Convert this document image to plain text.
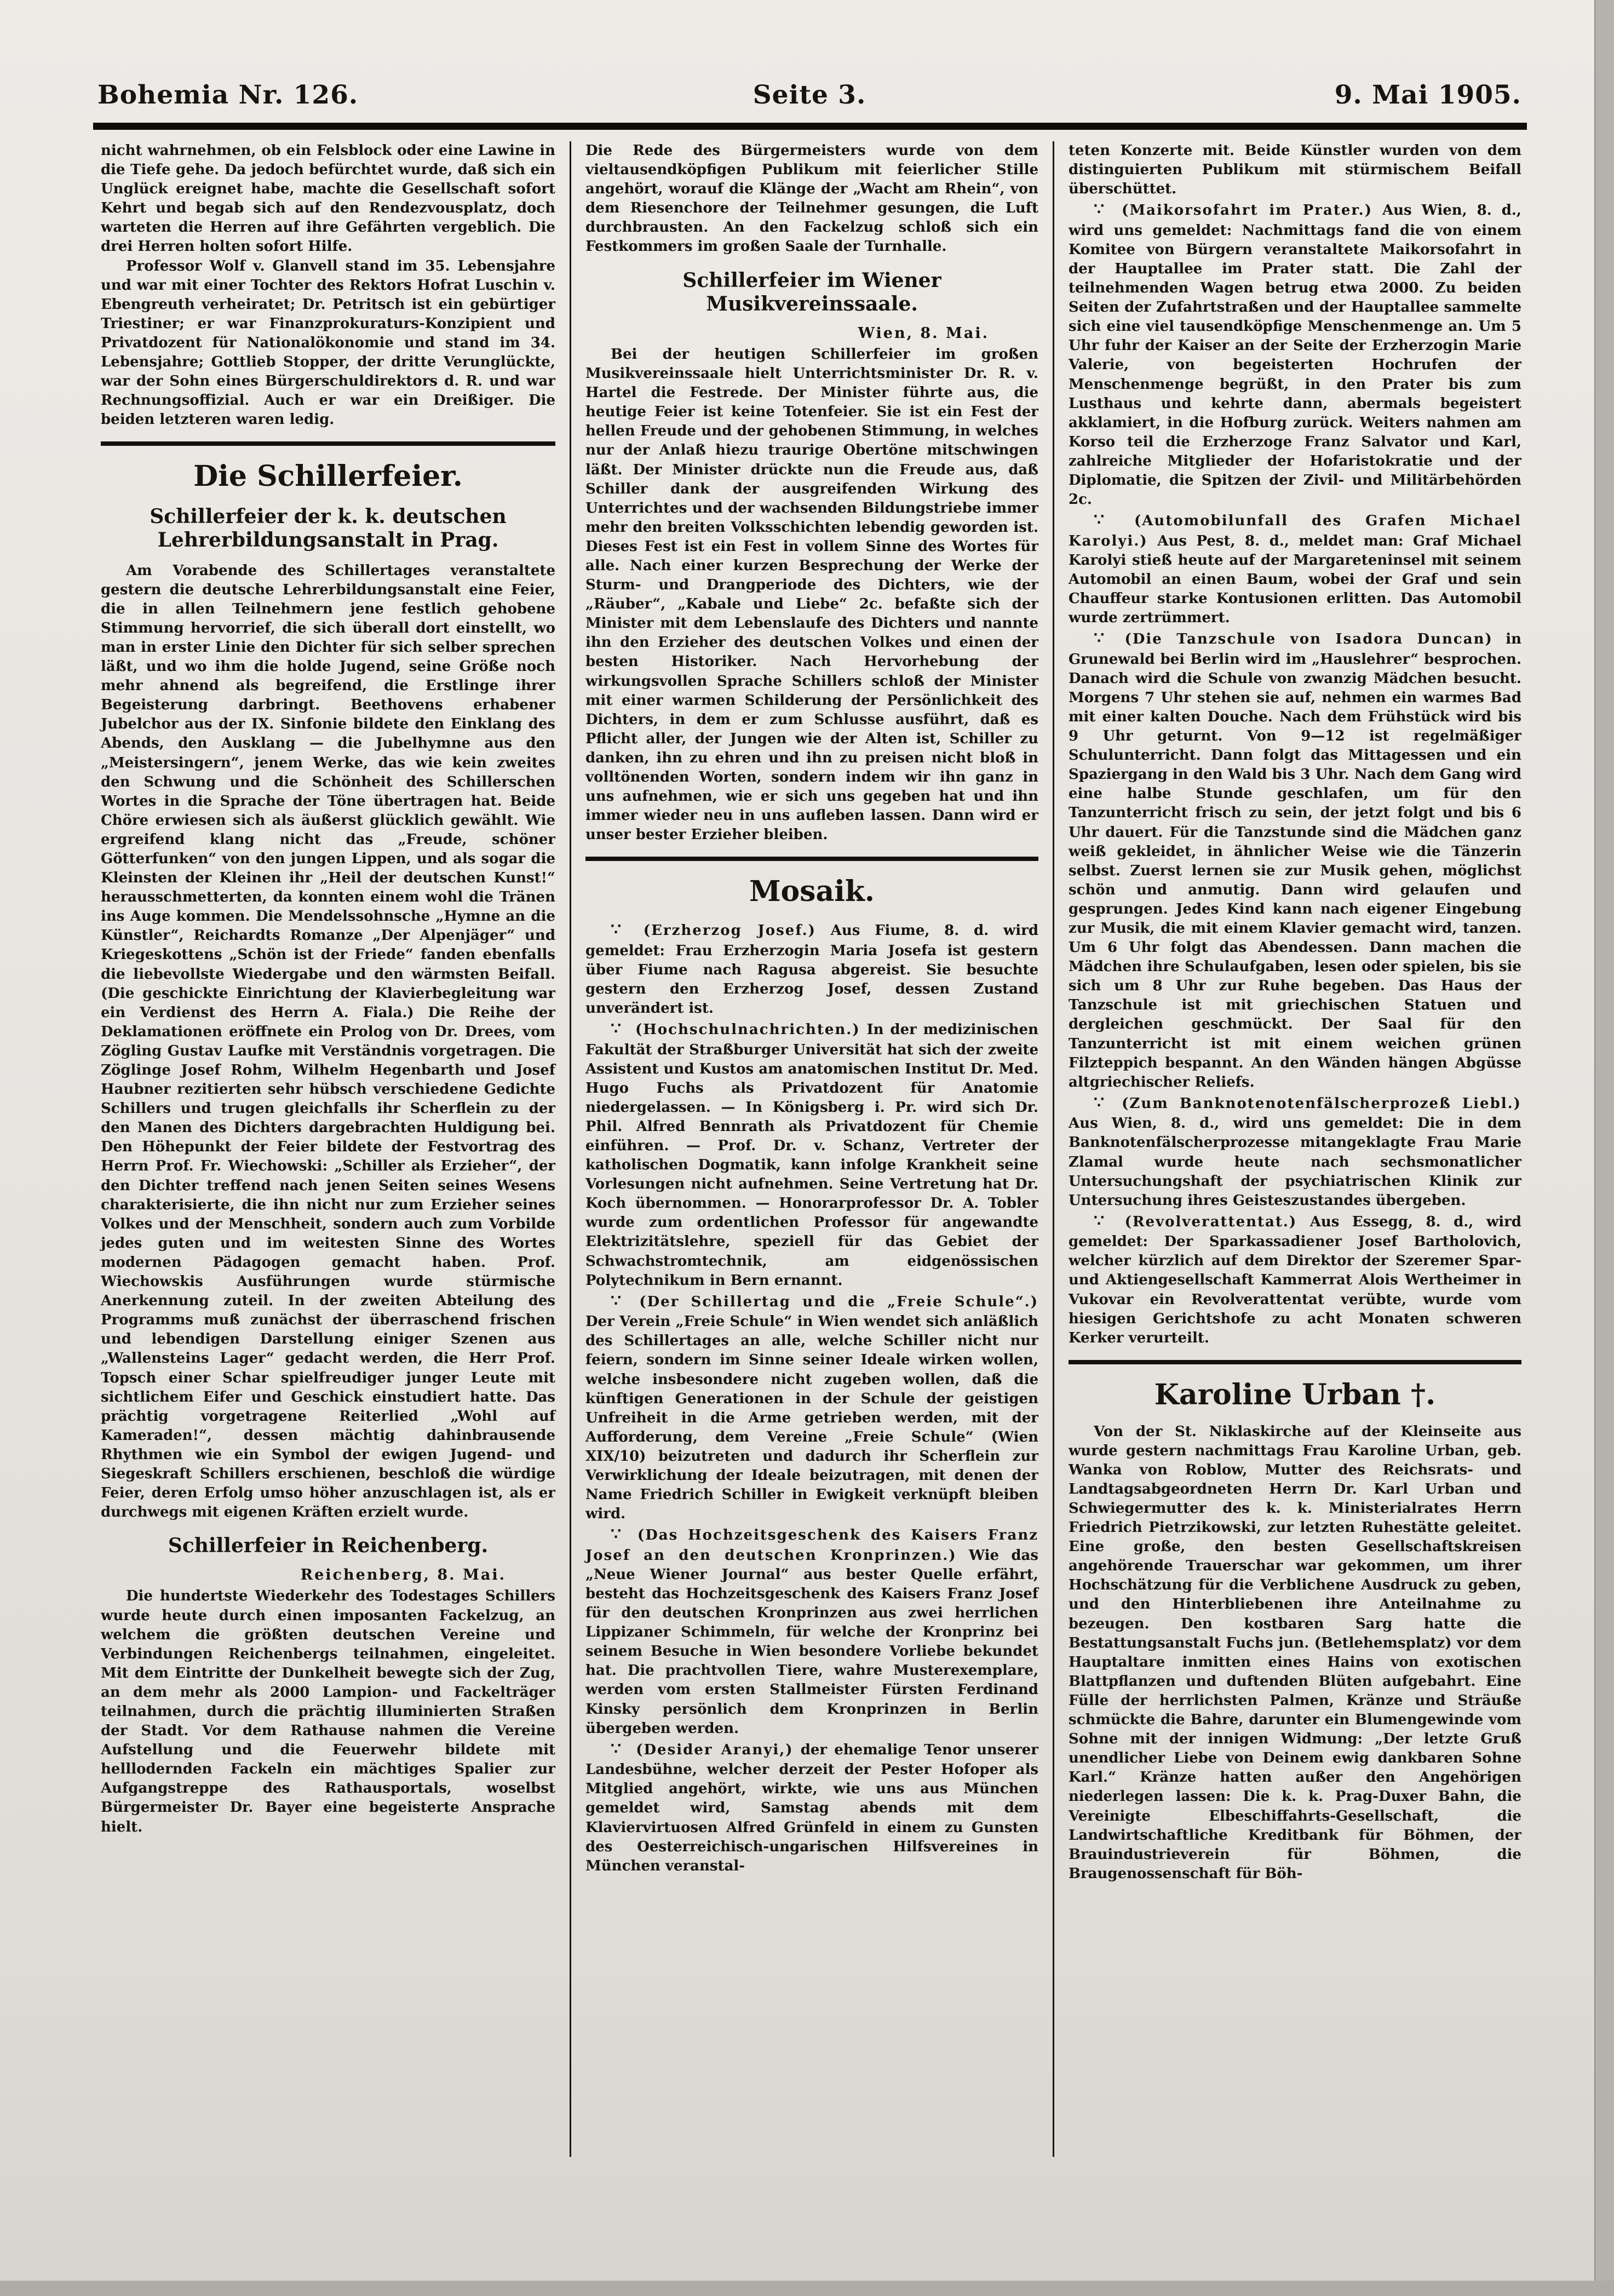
Bohemia Nr. 126.	Seite 3.	9. Mai 1905.

nicht wahrnehmen, ob ein Felsblock oder eine Lawine in die Tiefe gehe. Da jedoch befürchtet wurde, daß sich ein Unglück ereignet habe, machte die Gesellschaft sofort Kehrt und begab sich auf den Rendezvousplatz, doch warteten die Herren auf ihre Gefährten vergeblich. Die drei Herren holten sofort Hilfe.

Professor Wolf v. Glanvell stand im 35. Lebensjahre und war mit einer Tochter des Rektors Hofrat Luschin v. Ebengreuth verheiratet; Dr. Petritsch ist ein gebürtiger Triestiner; er war Finanzprokuraturs-Konzipient und Privatdozent für Nationalökonomie und stand im 34. Lebensjahre; Gottlieb Stopper, der dritte Verunglückte, war der Sohn eines Bürgerschuldirektors d. R. und war Rechnungsoffizial. Auch er war ein Dreißiger. Die beiden letzteren waren ledig.

Die Schillerfeier.
Schillerfeier der k. k. deutschen Lehrerbildungsanstalt in Prag.

Am Vorabende des Schillertages veranstaltete gestern die deutsche Lehrerbildungsanstalt eine Feier, die in allen Teilnehmern jene festlich gehobene Stimmung hervorrief, die sich überall dort einstellt, wo man in erster Linie den Dichter für sich selber sprechen läßt, und wo ihm die holde Jugend, seine Größe noch mehr ahnend als begreifend, die Erstlinge ihrer Begeisterung darbringt. Beethovens erhabener Jubelchor aus der IX. Sinfonie bildete den Einklang des Abends, den Ausklang — die Jubelhymne aus den „Meistersingern“, jenem Werke, das wie kein zweites den Schwung und die Schönheit des Schillerschen Wortes in die Sprache der Töne übertragen hat. Beide Chöre erwiesen sich als äußerst glücklich gewählt. Wie ergreifend klang nicht das „Freude, schöner Götterfunken“ von den jungen Lippen, und als sogar die Kleinsten der Kleinen ihr „Heil der deutschen Kunst!“ herausschmetterten, da konnten einem wohl die Tränen ins Auge kommen. Die Mendelssohnsche „Hymne an die Künstler“, Reichardts Romanze „Der Alpenjäger“ und Kriegeskottens „Schön ist der Friede“ fanden ebenfalls die liebevollste Wiedergabe und den wärmsten Beifall. (Die geschickte Einrichtung der Klavierbegleitung war ein Verdienst des Herrn A. Fiala.) Die Reihe der Deklamationen eröffnete ein Prolog von Dr. Drees, vom Zögling Gustav Laufke mit Verständnis vorgetragen. Die Zöglinge Josef Rohm, Wilhelm Hegenbarth und Josef Haubner rezitierten sehr hübsch verschiedene Gedichte Schillers und trugen gleichfalls ihr Scherflein zu der den Manen des Dichters dargebrachten Huldigung bei. Den Höhepunkt der Feier bildete der Festvortrag des Herrn Prof. Fr. Wiechowski: „Schiller als Erzieher“, der den Dichter treffend nach jenen Seiten seines Wesens charakterisierte, die ihn nicht nur zum Erzieher seines Volkes und der Menschheit, sondern auch zum Vorbilde jedes guten und im weitesten Sinne des Wortes modernen Pädagogen gemacht haben. Prof. Wiechowskis Ausführungen wurde stürmische Anerkennung zuteil. In der zweiten Abteilung des Programms muß zunächst der überraschend frischen und lebendigen Darstellung einiger Szenen aus „Wallensteins Lager“ gedacht werden, die Herr Prof. Topsch einer Schar spielfreudiger junger Leute mit sichtlichem Eifer und Geschick einstudiert hatte. Das prächtig vorgetragene Reiterlied „Wohl auf Kameraden!“, dessen mächtig dahinbrausende Rhythmen wie ein Symbol der ewigen Jugend- und Siegeskraft Schillers erschienen, beschloß die würdige Feier, deren Erfolg umso höher anzuschlagen ist, als er durchwegs mit eigenen Kräften erzielt wurde.

Schillerfeier in Reichenberg.
Reichenberg, 8. Mai.

Die hundertste Wiederkehr des Todestages Schillers wurde heute durch einen imposanten Fackelzug, an welchem die größten deutschen Vereine und Verbindungen Reichenbergs teilnahmen, eingeleitet. Mit dem Eintritte der Dunkelheit bewegte sich der Zug, an dem mehr als 2000 Lampion- und Fackelträger teilnahmen, durch die prächtig illuminierten Straßen der Stadt. Vor dem Rathause nahmen die Vereine Aufstellung und die Feuerwehr bildete mit helllodernden Fackeln ein mächtiges Spalier zur Aufgangstreppe des Rathausportals, woselbst Bürgermeister Dr. Bayer eine begeisterte Ansprache hielt.

Die Rede des Bürgermeisters wurde von dem vieltausendköpfigen Publikum mit feierlicher Stille angehört, worauf die Klänge der „Wacht am Rhein“, von dem Riesenchore der Teilnehmer gesungen, die Luft durchbrausten. An den Fackelzug schloß sich ein Festkommers im großen Saale der Turnhalle.

Schillerfeier im Wiener Musikvereinssaale.
Wien, 8. Mai.

Bei der heutigen Schillerfeier im großen Musikvereinssaale hielt Unterrichtsminister Dr. R. v. Hartel die Festrede. Der Minister führte aus, die heutige Feier ist keine Totenfeier. Sie ist ein Fest der hellen Freude und der gehobenen Stimmung, in welches nur der Anlaß hiezu traurige Obertöne mitschwingen läßt. Der Minister drückte nun die Freude aus, daß Schiller dank der ausgreifenden Wirkung des Unterrichtes und der wachsenden Bildungstriebe immer mehr den breiten Volksschichten lebendig geworden ist. Dieses Fest ist ein Fest in vollem Sinne des Wortes für alle. Nach einer kurzen Besprechung der Werke der Sturm- und Drangperiode des Dichters, wie der „Räuber“, „Kabale und Liebe“ 2c. befaßte sich der Minister mit dem Lebenslaufe des Dichters und nannte ihn den Erzieher des deutschen Volkes und einen der besten Historiker. Nach Hervorhebung der wirkungsvollen Sprache Schillers schloß der Minister mit einer warmen Schilderung der Persönlichkeit des Dichters, in dem er zum Schlusse ausführt, daß es Pflicht aller, der Jungen wie der Alten ist, Schiller zu danken, ihn zu ehren und ihn zu preisen nicht bloß in volltönenden Worten, sondern indem wir ihn ganz in uns aufnehmen, wie er sich uns gegeben hat und ihn immer wieder neu in uns aufleben lassen. Dann wird er unser bester Erzieher bleiben.

Mosaik.

∵ (Erzherzog Josef.) Aus Fiume, 8. d. wird gemeldet: Frau Erzherzogin Maria Josefa ist gestern über Fiume nach Ragusa abgereist. Sie besuchte gestern den Erzherzog Josef, dessen Zustand unverändert ist.

∵ (Hochschulnachrichten.) In der medizinischen Fakultät der Straßburger Universität hat sich der zweite Assistent und Kustos am anatomischen Institut Dr. Med. Hugo Fuchs als Privatdozent für Anatomie niedergelassen. — In Königsberg i. Pr. wird sich Dr. Phil. Alfred Bennrath als Privatdozent für Chemie einführen. — Prof. Dr. v. Schanz, Vertreter der katholischen Dogmatik, kann infolge Krankheit seine Vorlesungen nicht aufnehmen. Seine Vertretung hat Dr. Koch übernommen. — Honorarprofessor Dr. A. Tobler wurde zum ordentlichen Professor für angewandte Elektrizitätslehre, speziell für das Gebiet der Schwachstromtechnik, am eidgenössischen Polytechnikum in Bern ernannt.

∵ (Der Schillertag und die „Freie Schule“.) Der Verein „Freie Schule“ in Wien wendet sich anläßlich des Schillertages an alle, welche Schiller nicht nur feiern, sondern im Sinne seiner Ideale wirken wollen, welche insbesondere nicht zugeben wollen, daß die künftigen Generationen in der Schule der geistigen Unfreiheit in die Arme getrieben werden, mit der Aufforderung, dem Vereine „Freie Schule“ (Wien XIX/10) beizutreten und dadurch ihr Scherflein zur Verwirklichung der Ideale beizutragen, mit denen der Name Friedrich Schiller in Ewigkeit verknüpft bleiben wird.

∵ (Das Hochzeitsgeschenk des Kaisers Franz Josef an den deutschen Kronprinzen.) Wie das „Neue Wiener Journal“ aus bester Quelle erfährt, besteht das Hochzeitsgeschenk des Kaisers Franz Josef für den deutschen Kronprinzen aus zwei herrlichen Lippizaner Schimmeln, für welche der Kronprinz bei seinem Besuche in Wien besondere Vorliebe bekundet hat. Die prachtvollen Tiere, wahre Musterexemplare, werden vom ersten Stallmeister Fürsten Ferdinand Kinsky persönlich dem Kronprinzen in Berlin übergeben werden.

∵ (Desider Aranyi,) der ehemalige Tenor unserer Landesbühne, welcher derzeit der Pester Hofoper als Mitglied angehört, wirkte, wie uns aus München gemeldet wird, Samstag abends mit dem Klaviervirtuosen Alfred Grünfeld in einem zu Gunsten des Oesterreichisch-ungarischen Hilfsvereines in München veranstal-

teten Konzerte mit. Beide Künstler wurden von dem distinguierten Publikum mit stürmischem Beifall überschüttet.

∵ (Maikorsofahrt im Prater.) Aus Wien, 8. d., wird uns gemeldet: Nachmittags fand die von einem Komitee von Bürgern veranstaltete Maikorsofahrt in der Hauptallee im Prater statt. Die Zahl der teilnehmenden Wagen betrug etwa 2000. Zu beiden Seiten der Zufahrtstraßen und der Hauptallee sammelte sich eine viel tausendköpfige Menschenmenge an. Um 5 Uhr fuhr der Kaiser an der Seite der Erzherzogin Marie Valerie, von begeisterten Hochrufen der Menschenmenge begrüßt, in den Prater bis zum Lusthaus und kehrte dann, abermals begeistert akklamiert, in die Hofburg zurück. Weiters nahmen am Korso teil die Erzherzoge Franz Salvator und Karl, zahlreiche Mitglieder der Hofaristokratie und der Diplomatie, die Spitzen der Zivil- und Militärbehörden 2c.

∵ (Automobilunfall des Grafen Michael Karolyi.) Aus Pest, 8. d., meldet man: Graf Michael Karolyi stieß heute auf der Margareteninsel mit seinem Automobil an einen Baum, wobei der Graf und sein Chauffeur starke Kontusionen erlitten. Das Automobil wurde zertrümmert.

∵ (Die Tanzschule von Isadora Duncan) in Grunewald bei Berlin wird im „Hauslehrer“ besprochen. Danach wird die Schule von zwanzig Mädchen besucht. Morgens 7 Uhr stehen sie auf, nehmen ein warmes Bad mit einer kalten Douche. Nach dem Frühstück wird bis 9 Uhr geturnt. Von 9—12 ist regelmäßiger Schulunterricht. Dann folgt das Mittagessen und ein Spaziergang in den Wald bis 3 Uhr. Nach dem Gang wird eine halbe Stunde geschlafen, um für den Tanzunterricht frisch zu sein, der jetzt folgt und bis 6 Uhr dauert. Für die Tanzstunde sind die Mädchen ganz weiß gekleidet, in ähnlicher Weise wie die Tänzerin selbst. Zuerst lernen sie zur Musik gehen, möglichst schön und anmutig. Dann wird gelaufen und gesprungen. Jedes Kind kann nach eigener Eingebung zur Musik, die mit einem Klavier gemacht wird, tanzen. Um 6 Uhr folgt das Abendessen. Dann machen die Mädchen ihre Schulaufgaben, lesen oder spielen, bis sie sich um 8 Uhr zur Ruhe begeben. Das Haus der Tanzschule ist mit griechischen Statuen und dergleichen geschmückt. Der Saal für den Tanzunterricht ist mit einem weichen grünen Filzteppich bespannt. An den Wänden hängen Abgüsse altgriechischer Reliefs.

∵ (Zum Banknotenotenfälscherprozeß Liebl.) Aus Wien, 8. d., wird uns gemeldet: Die in dem Banknotenfälscherprozesse mitangeklagte Frau Marie Zlamal wurde heute nach sechsmonatlicher Untersuchungshaft der psychiatrischen Klinik zur Untersuchung ihres Geisteszustandes übergeben.

∵ (Revolverattentat.) Aus Essegg, 8. d., wird gemeldet: Der Sparkassadiener Josef Bartholovich, welcher kürzlich auf dem Direktor der Szeremer Spar- und Aktiengesellschaft Kammerrat Alois Wertheimer in Vukovar ein Revolverattentat verübte, wurde vom hiesigen Gerichtshofe zu acht Monaten schweren Kerker verurteilt.

Karoline Urban †.

Von der St. Niklaskirche auf der Kleinseite aus wurde gestern nachmittags Frau Karoline Urban, geb. Wanka von Roblow, Mutter des Reichsrats- und Landtagsabgeordneten Herrn Dr. Karl Urban und Schwiegermutter des k. k. Ministerialrates Herrn Friedrich Pietrzikowski, zur letzten Ruhestätte geleitet. Eine große, den besten Gesellschaftskreisen angehörende Trauerschar war gekommen, um ihrer Hochschätzung für die Verblichene Ausdruck zu geben, und den Hinterbliebenen ihre Anteilnahme zu bezeugen. Den kostbaren Sarg hatte die Bestattungsanstalt Fuchs jun. (Betlehemsplatz) vor dem Hauptaltare inmitten eines Hains von exotischen Blattpflanzen und duftenden Blüten aufgebahrt. Eine Fülle der herrlichsten Palmen, Kränze und Sträuße schmückte die Bahre, darunter ein Blumengewinde vom Sohne mit der innigen Widmung: „Der letzte Gruß unendlicher Liebe von Deinem ewig dankbaren Sohne Karl.“ Kränze hatten außer den Angehörigen niederlegen lassen: Die k. k. Prag-Duxer Bahn, die Vereinigte Elbeschiffahrts-Gesellschaft, die Landwirtschaftliche Kreditbank für Böhmen, der Brauindustrieverein für Böhmen, die Braugenossenschaft für Böh-
